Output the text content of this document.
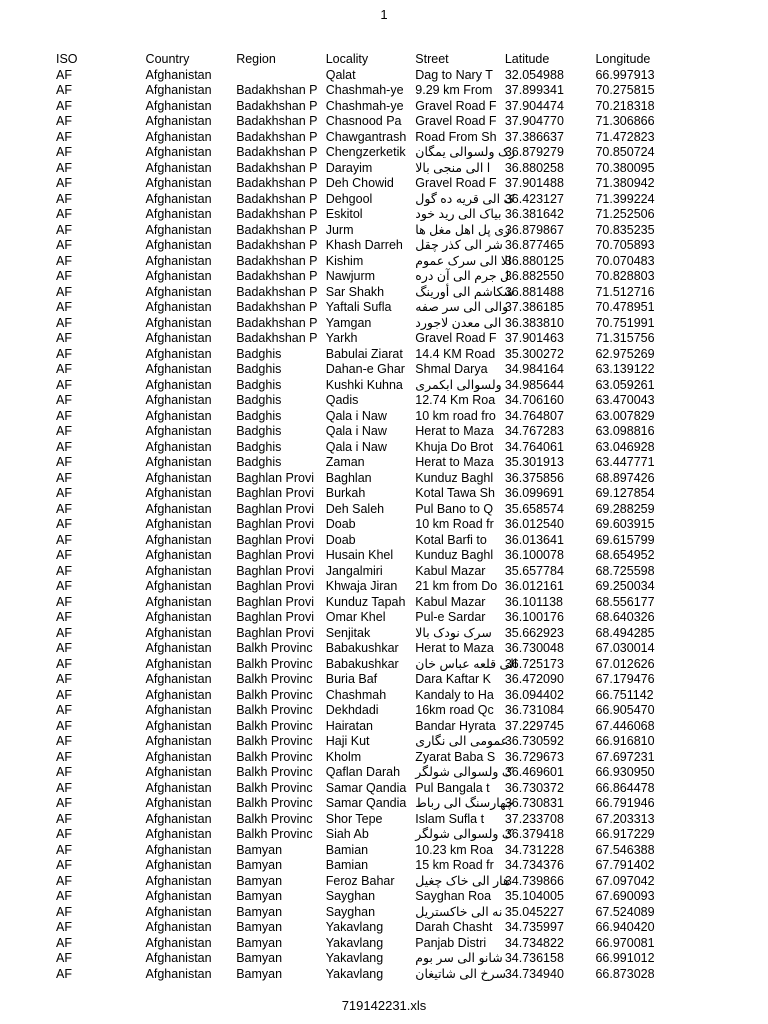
1
ISO	Country	Region	Locality	Street	Latitude	Longitude
AF	Afghanistan		Qalat	Dag to Nary T	32.054988	66.997913
AF	Afghanistan	Badakhshan P	Chashmah-ye	9.29 km From	37.899341	70.275815
AF	Afghanistan	Badakhshan P	Chashmah-ye	Gravel Road F	37.904474	70.218318
AF	Afghanistan	Badakhshan P	Chasnood Pa	Gravel Road F	37.904770	71.306866
AF	Afghanistan	Badakhshan P	Chawgantrash	Road From Sh	37.386637	71.472823
AF	Afghanistan	Badakhshan P	Chengzerketik	رک ولسوالی یمگان	36.879279	70.850724
AF	Afghanistan	Badakhshan P	Darayim	ا الی منجی بالا	36.880258	70.380095
AF	Afghanistan	Badakhshan P	Deh Chowid	Gravel Road F	37.901488	71.380942
AF	Afghanistan	Badakhshan P	Dehgool	ک الی قریه ده گول	36.423127	71.399224
AF	Afghanistan	Badakhshan P	Eskitol	بیاک الی رید خود	36.381642	71.252506
AF	Afghanistan	Badakhshan P	Jurm	ری پل اهل مغل ها	36.879867	70.835235
AF	Afghanistan	Badakhshan P	Khash Darreh	شر الی کذر چقل	36.877465	70.705893
AF	Afghanistan	Badakhshan P	Kishim	الا الی سرک عموم	36.880125	70.070483
AF	Afghanistan	Badakhshan P	Nawjurm	ل جرم الی آن دره	36.882550	70.828803
AF	Afghanistan	Badakhshan P	Sar Shakh	شکاشم الی أورینگ	36.881488	71.512716
AF	Afghanistan	Badakhshan P	Yaftali Sufla	والی الی سر صفه	37.386185	70.478951
AF	Afghanistan	Badakhshan P	Yamgan	الی معدن لاجورد	36.383810	70.751991
AF	Afghanistan	Badakhshan P	Yarkh	Gravel Road F	37.901463	71.315756
AF	Afghanistan	Badghis	Babulai Ziarat	14.4 KM Road	35.300272	62.975269
AF	Afghanistan	Badghis	Dahan-e Ghar	Shmal Darya	34.984164	63.139122
AF	Afghanistan	Badghis	Kushki Kuhna	ولسوالی ابکمری	34.985644	63.059261
AF	Afghanistan	Badghis	Qadis	12.74 Km Roa	34.706160	63.470043
AF	Afghanistan	Badghis	Qala i Naw	10 km road fro	34.764807	63.007829
AF	Afghanistan	Badghis	Qala i Naw	Herat to Maza	34.767283	63.098816
AF	Afghanistan	Badghis	Qala i Naw	Khuja Do Brot	34.764061	63.046928
AF	Afghanistan	Badghis	Zaman	Herat to Maza	35.301913	63.447771
AF	Afghanistan	Baghlan Provi	Baghlan	Kunduz Baghl	36.375856	68.897426
AF	Afghanistan	Baghlan Provi	Burkah	Kotal Tawa Sh	36.099691	69.127854
AF	Afghanistan	Baghlan Provi	Deh Saleh	Pul Bano to Q	35.658574	69.288259
AF	Afghanistan	Baghlan Provi	Doab	10 km Road fr	36.012540	69.603915
AF	Afghanistan	Baghlan Provi	Doab	Kotal Barfi to	36.013641	69.615799
AF	Afghanistan	Baghlan Provi	Husain Khel	Kunduz Baghl	36.100078	68.654952
AF	Afghanistan	Baghlan Provi	Jangalmiri	Kabul Mazar	35.657784	68.725598
AF	Afghanistan	Baghlan Provi	Khwaja Jiran	21 km from Do	36.012161	69.250034
AF	Afghanistan	Baghlan Provi	Kunduz Tapah	Kabul Mazar	36.101138	68.556177
AF	Afghanistan	Baghlan Provi	Omar Khel	Pul-e Sardar	36.100176	68.640326
AF	Afghanistan	Baghlan Provi	Senjitak	سرک نودک بالا	35.662923	68.494285
AF	Afghanistan	Balkh Provinc	Babakushkar	Herat to Maza	36.730048	67.030014
AF	Afghanistan	Balkh Provinc	Babakushkar	الی قلعه عباس خان	36.725173	67.012626
AF	Afghanistan	Balkh Provinc	Buria Baf	Dara Kaftar K	36.472090	67.179476
AF	Afghanistan	Balkh Provinc	Chashmah	Kandaly to Ha	36.094402	66.751142
AF	Afghanistan	Balkh Provinc	Dekhdadi	16km road Qc	36.731084	66.905470
AF	Afghanistan	Balkh Provinc	Hairatan	Bandar Hyrata	37.229745	67.446068
AF	Afghanistan	Balkh Provinc	Haji Kut	عمومی الی نگاری	36.730592	66.916810
AF	Afghanistan	Balkh Provinc	Kholm	Zyarat Baba S	36.729673	67.697231
AF	Afghanistan	Balkh Provinc	Qaflan Darah	ک ولسوالی شولگر	36.469601	66.930950
AF	Afghanistan	Balkh Provinc	Samar Qandia	Pul Bangala t	36.730372	66.864478
AF	Afghanistan	Balkh Provinc	Samar Qandia	چهارسنگ الی رباط	36.730831	66.791946
AF	Afghanistan	Balkh Provinc	Shor Tepe	Islam Sufla t	37.233708	67.203313
AF	Afghanistan	Balkh Provinc	Siah Ab	ک ولسوالی شولگر	36.379418	66.917229
AF	Afghanistan	Bamyan	Bamian	10.23 km Roa	34.731228	67.546388
AF	Afghanistan	Bamyan	Bamian	15 km Road fr	34.734376	67.791402
AF	Afghanistan	Bamyan	Feroz Bahar	هار الی خاک چغیل	34.739866	67.097042
AF	Afghanistan	Bamyan	Sayghan	Sayghan Roa	35.104005	67.690093
AF	Afghanistan	Bamyan	Sayghan	نه الی خاکستریل	35.045227	67.524089
AF	Afghanistan	Bamyan	Yakavlang	Darah Chasht	34.735997	66.940420
AF	Afghanistan	Bamyan	Yakavlang	Panjab Distri	34.734822	66.970081
AF	Afghanistan	Bamyan	Yakavlang	شانو الی سر بوم	34.736158	66.991012
AF	Afghanistan	Bamyan	Yakavlang	سرخ الی شاتیغان	34.734940	66.873028
719142231.xls
